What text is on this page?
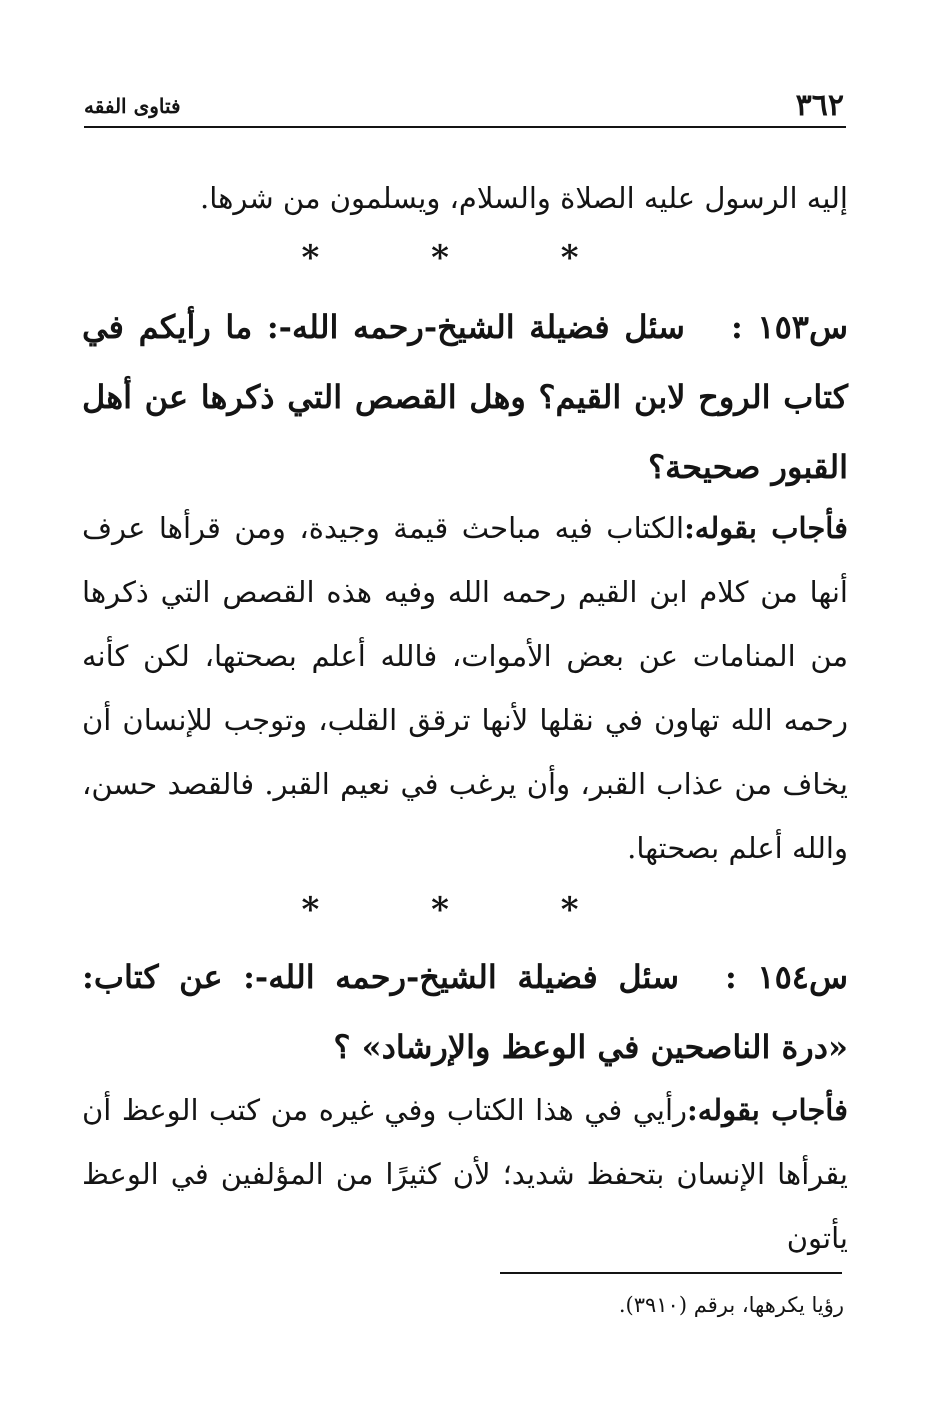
٣٦٢
فتاوى الفقه
إليه الرسول عليه الصلاة والسلام، ويسلمون من شرها.
* * *
س١٥٣ :سئل فضيلة الشيخ-رحمه الله-: ما رأيكم في كتاب الروح لابن القيم؟ وهل القصص التي ذكرها عن أهل القبور صحيحة؟
فأجاب بقوله:الكتاب فيه مباحث قيمة وجيدة، ومن قرأها عرف أنها من كلام ابن القيم رحمه الله وفيه هذه القصص التي ذكرها من المنامات عن بعض الأموات، فالله أعلم بصحتها، لكن كأنه رحمه الله تهاون في نقلها لأنها ترقق القلب، وتوجب للإنسان أن يخاف من عذاب القبر، وأن يرغب في نعيم القبر. فالقصد حسن، والله أعلم بصحتها.
* * *
س١٥٤ :سئل فضيلة الشيخ-رحمه الله-: عن كتاب: «درة الناصحين في الوعظ والإرشاد» ؟
فأجاب بقوله:رأيي في هذا الكتاب وفي غيره من كتب الوعظ أن يقرأها الإنسان بتحفظ شديد؛ لأن كثيرًا من المؤلفين في الوعظ يأتون
رؤيا يكرهها، برقم (٣٩١٠).
